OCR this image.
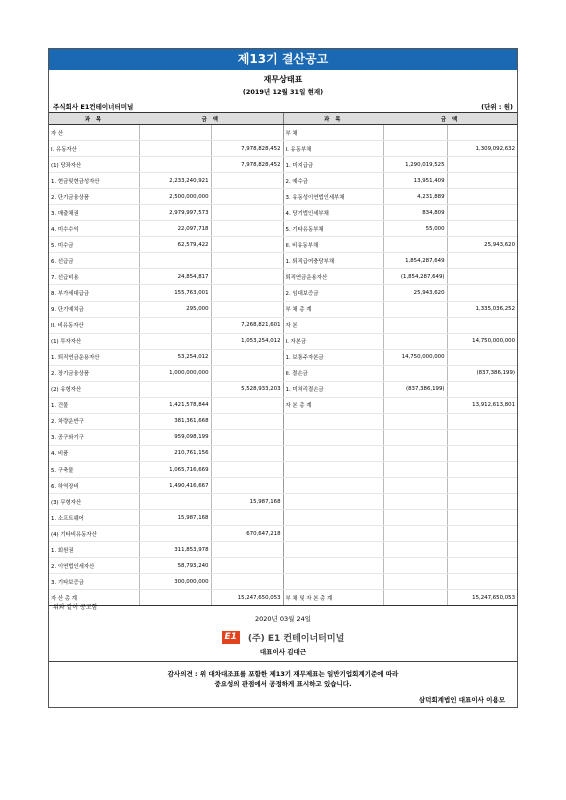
제13기 결산공고
재무상태표
(2019년 12월 31일 현재)
주식회사 E1컨테이너터미널	(단위 : 원)
과 목	금 액		과 목	금 액	
자 산			부 채		
I. 유동자산		7,978,828,452	I. 유동부채		1,309,092,632
(1) 당좌자산		7,978,828,452	1. 미지급금	1,290,019,525	
1. 현금및현금성자산	2,233,240,921		2. 예수금	13,951,409	
2. 단기금융상품	2,500,000,000		3. 유동성이연법인세부채	4,231,889	
3. 매출채권	2,979,997,573		4. 당기법인세부채	834,809	
4. 미수수익	22,097,718		5. 기타유동부채	55,000	
5. 미수금	62,579,422		II. 비유동부채		25,943,620
6. 선급금			1. 퇴직급여충당부채	1,854,287,649	
7. 선급비용	24,854,817		퇴직연금운용자산	(1,854,287,649)	
8. 부가세대급금	155,763,001		2. 임대보증금	25,943,620	
9. 단기예치금	295,000		부 채 총 계		1,335,036,252
II. 비유동자산		7,268,821,601	자 본		
(1) 투자자산		1,053,254,012	I. 자본금		14,750,000,000
1. 퇴직연금운용자산	53,254,012		1. 보통주자본금	14,750,000,000	
2. 장기금융상품	1,000,000,000		II. 결손금		(837,386,199)
(2) 유형자산		5,528,933,203	1. 미처리결손금	(837,386,199)	
1. 건물	1,421,578,844		자 본 총 계		13,912,613,801
2. 차량운반구	381,361,668				
3. 공구와기구	959,098,199				
4. 비품	210,761,156				
5. 구축물	1,065,716,669				
6. 하역장비	1,490,416,667				
(3) 무형자산		15,987,168			
1. 소프트웨어	15,987,168				
(4) 기타비유동자산		670,647,218			
1. 회원권	311,853,978				
2. 이연법인세자산	58,793,240				
3. 기타보증금	300,000,000				
자 산 총 계		15,247,650,053	부 채 및 자 본 총 계		15,247,650,053
위와 같이 공고함
2020년 03월 24일
E1 (주) E1 컨테이너터미널
대표이사 김대근
감사의견 : 위 대차대조표를 포함한 제13기 재무제표는 일반기업회계기준에 따라
중요성의 관점에서 공정하게 표시하고 있습니다.
삼덕회계법인 대표이사 이용모
